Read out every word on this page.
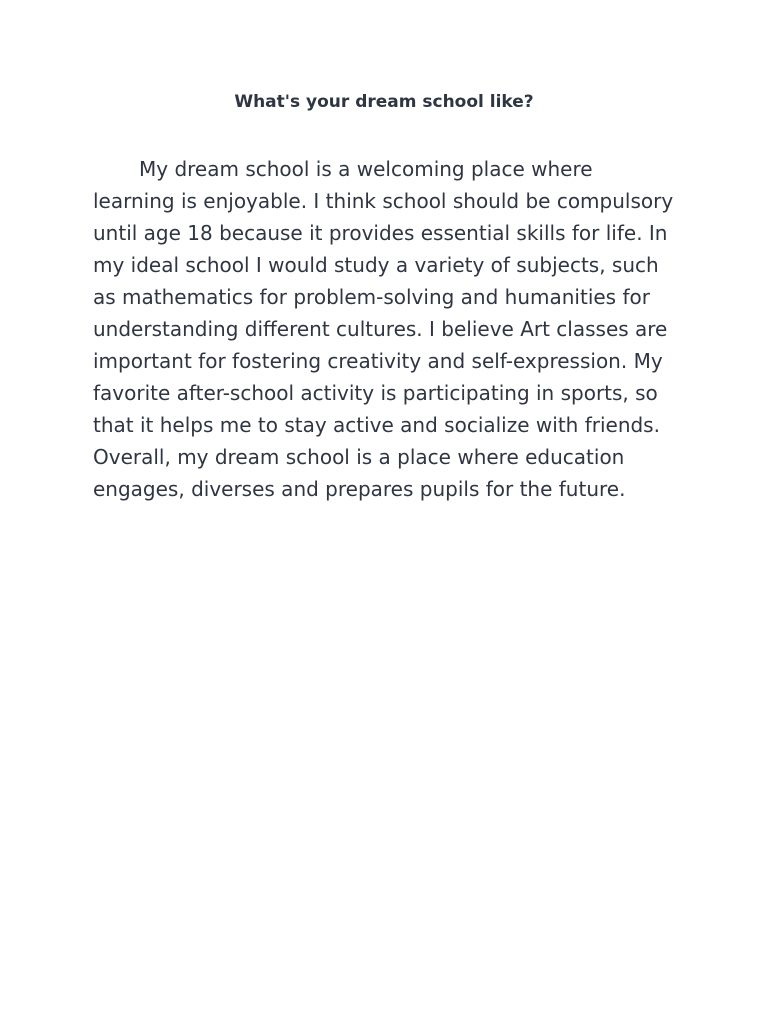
What's your dream school like?

My dream school is a welcoming place where learning is enjoyable. I think school should be compulsory until age 18 because it provides essential skills for life. In my ideal school I would study a variety of subjects, such as mathematics for problem-solving and humanities for understanding different cultures. I believe Art classes are important for fostering creativity and self-expression. My favorite after-school activity is participating in sports, so that it helps me to stay active and socialize with friends. Overall, my dream school is a place where education engages, diverses and prepares pupils for the future.
